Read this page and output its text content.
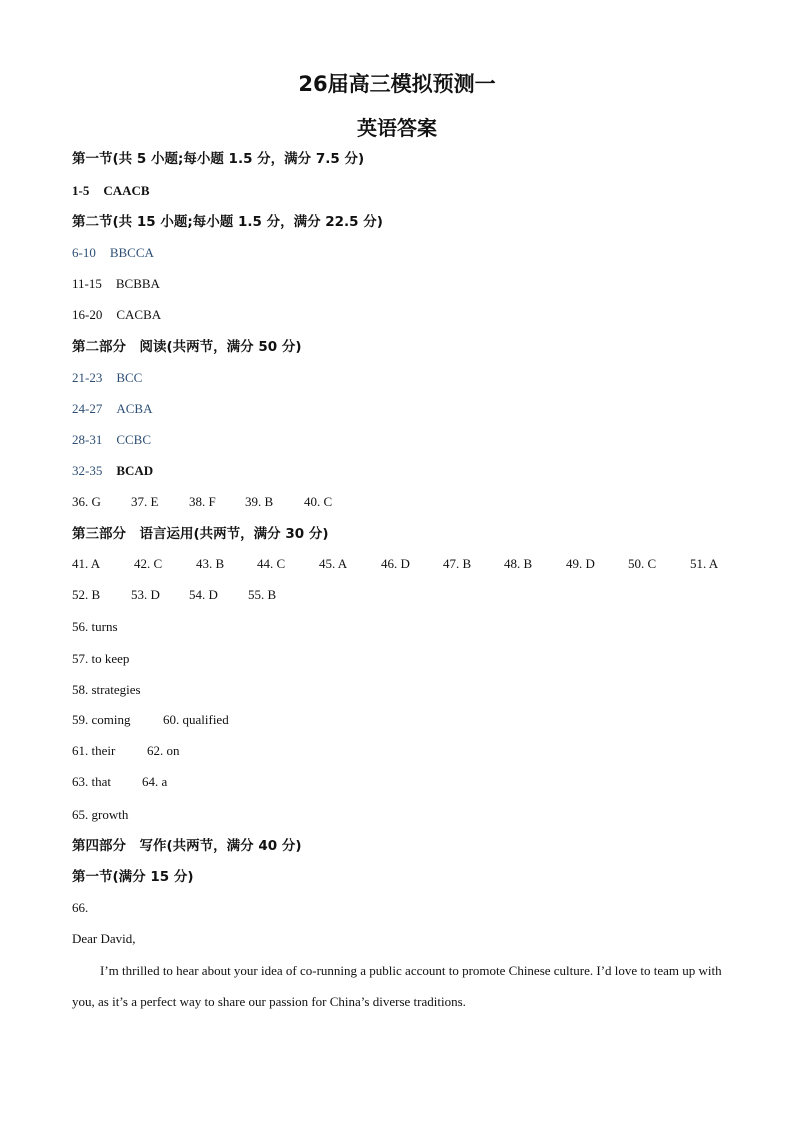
26届高三模拟预测一
英语答案
第一节(共 5 小题;每小题 1.5 分，满分 7.5 分)
1-5 CAACB
第二节(共 15 小题;每小题 1.5 分，满分 22.5 分)
6-10 BBCCA
11-15 BCBBA
16-20 CACBA
第二部分　阅读(共两节，满分 50 分)
21-23 BCC
24-27 ACBA
28-31 CCBC
32-35 BCAD
36. G 37. E 38. F 39. B 40. C
第三部分　语言运用(共两节，满分 30 分)
41. A	42. C	43. B	44. C	45. A	46. D	47. B	48. B	49. D	50. C	51. A
52. B 53. D 54. D 55. B
56. turns
57. to keep
58. strategies
59. coming	60. qualified
61. their 62. on
63. that 64. a
65. growth
第四部分　写作(共两节，满分 40 分)
第一节(满分 15 分)
66.
Dear David,
I’m thrilled to hear about your idea of co-running a public account to promote Chinese culture. I’d love to team up with you, as it’s a perfect way to share our passion for China’s diverse traditions.
